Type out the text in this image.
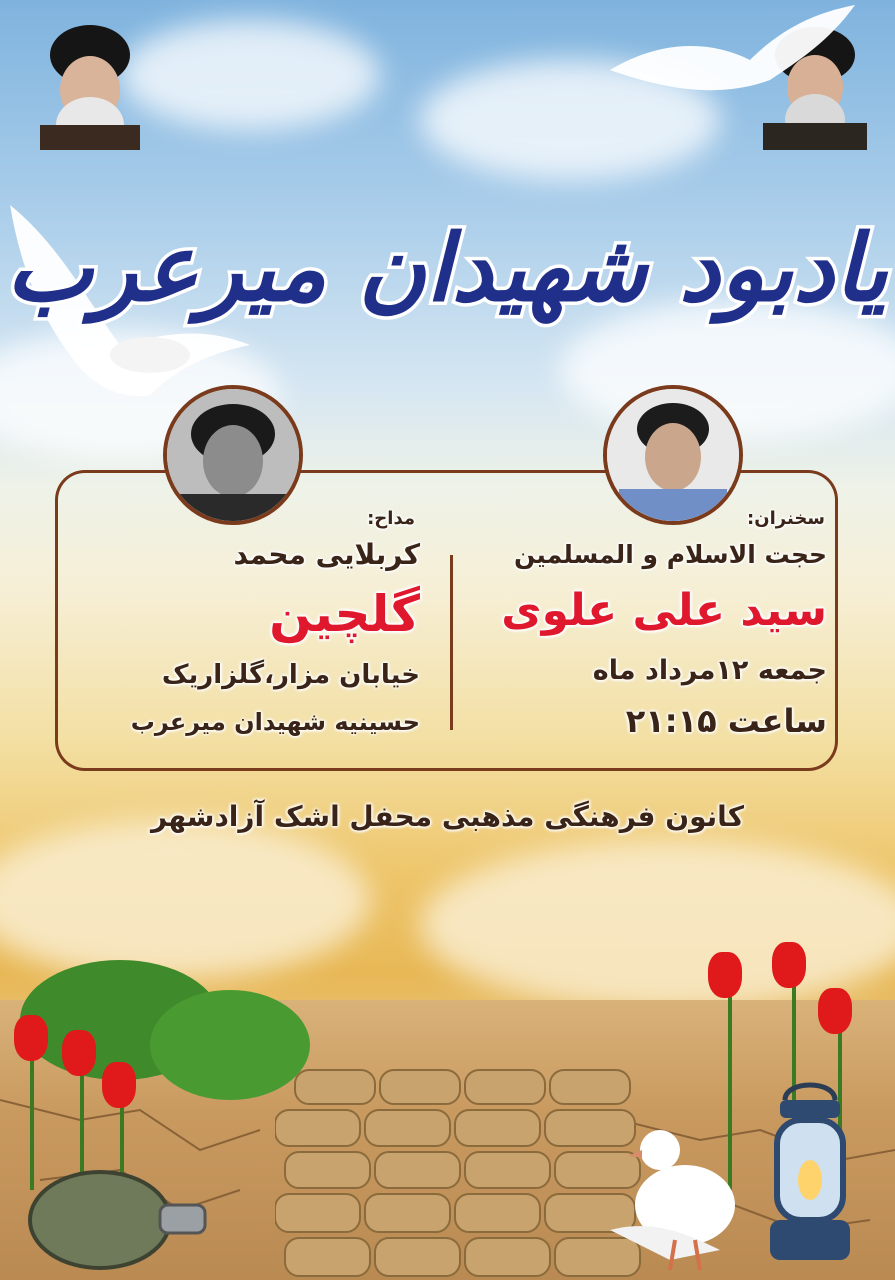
یادبود شهیدان میرعرب
مداح:
کربلایی محمد
گلچین
خیابان مزار،گلزاریک
حسینیه شهیدان میرعرب
سخنران:
حجت الاسلام و المسلمین
سید علی علوی
جمعه ۱۲مرداد ماه
ساعت ۲۱:۱۵
کانون فرهنگی مذهبی محفل اشک آزادشهر
